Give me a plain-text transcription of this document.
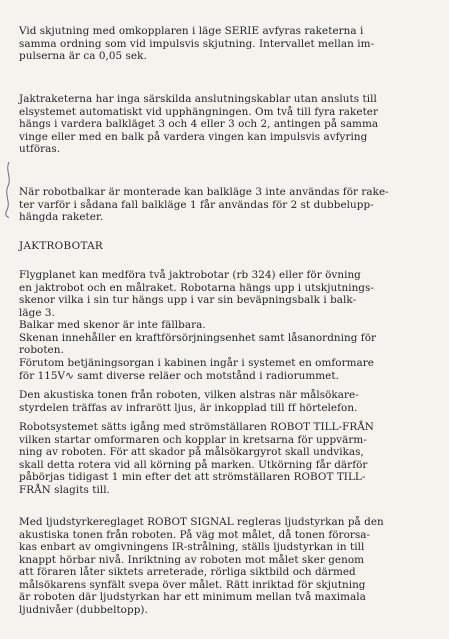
Vid skjutning med omkopplaren i läge SERIE avfyras raketerna i
samma ordning som vid impulsvis skjutning. Intervallet mellan im-
pulserna är ca 0,05 sek.

Jaktraketerna har inga särskilda anslutningskablar utan ansluts till
elsystemet automatiskt vid upphängningen. Om två till fyra raketer
hängs i vardera balkläget 3 och 4 eller 3 och 2, antingen på samma
vinge eller med en balk på vardera vingen kan impulsvis avfyring
utföras.

När robotbalkar är monterade kan balkläge 3 inte användas för rake-
ter varför i sådana fall balkläge 1 får användas för 2 st dubbelupp-
hängda raketer.

JAKTROBOTAR

Flygplanet kan medföra två jaktrobotar (rb 324) eller för övning
en jaktrobot och en målraket. Robotarna hängs upp i utskjutnings-
skenor vilka i sin tur hängs upp i var sin beväpningsbalk i balk-
läge 3.
Balkar med skenor är inte fällbara.
Skenan innehåller en kraftförsörjningsenhet samt låsanordning för
roboten.

Förutom betjäningsorgan i kabinen ingår i systemet en omformare
för 115V∿ samt diverse reläer och motstånd i radiorummet.

Den akustiska tonen från roboten, vilken alstras när målsökare-
styrdelen träffas av infrarött ljus, är inkopplad till ff hörtelefon.

Robotsystemet sätts igång med strömställaren ROBOT TILL-FRÅN
vilken startar omformaren och kopplar in kretsarna för uppvärm-
ning av roboten. För att skador på målsökargyrot skall undvikas,
skall detta rotera vid all körning på marken. Utkörning får därför
påbörjas tidigast 1 min efter det att strömställaren ROBOT TILL-
FRÅN slagits till.

Med ljudstyrkereglaget ROBOT SIGNAL regleras ljudstyrkan på den
akustiska tonen från roboten. På väg mot målet, då tonen förorsa-
kas enbart av omgivningens IR-strålning, ställs ljudstyrkan in till
knappt hörbar nivå. Inriktning av roboten mot målet sker genom
att föraren låter siktets arreterade, rörliga siktbild och därmed
målsökarens synfält svepa över målet. Rätt inriktad för skjutning
är roboten där ljudstyrkan har ett minimum mellan två maximala
ljudnivåer (dubbeltopp).
